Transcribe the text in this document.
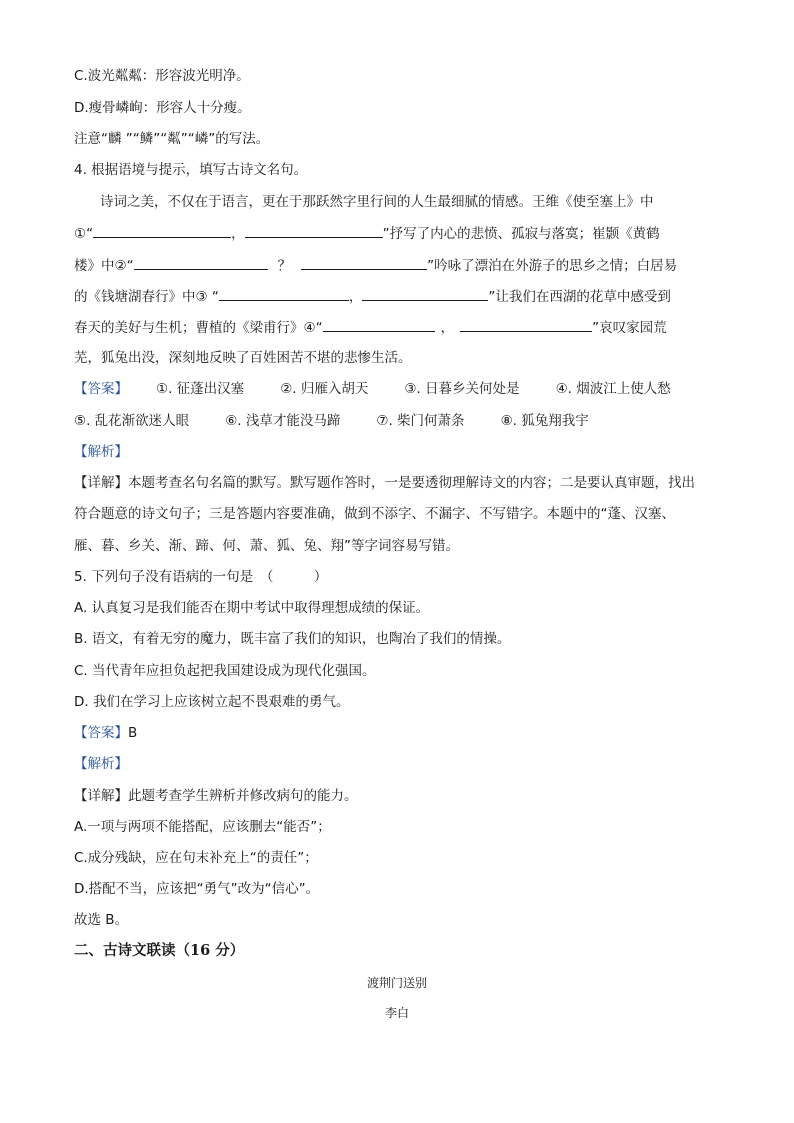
C.波光粼粼：形容波光明净。
D.瘦骨嶙峋：形容人十分瘦。
注意“麟 ”“鳞”“粼”“嶙”的写法。
4. 根据语境与提示，填写古诗文名句。
诗词之美，不仅在于语言，更在于那跃然字里行间的人生最细腻的情感。王维《使至塞上》中
①“	，	”抒写了内心的悲愤、孤寂与落寞；崔颢《黄鹤
楼》中②“	？	”吟咏了漂泊在外游子的思乡之情；白居易
的《钱塘湖春行》中③ “	，	”让我们在西湖的花草中感受到
春天的美好与生机；曹植的《梁甫行》④“	，	”哀叹家园荒
芜，狐兔出没，深刻地反映了百姓困苦不堪的悲惨生活。
【答案】 ①. 征蓬出汉塞	②. 归雁入胡天	③. 日暮乡关何处是	④. 烟波江上使人愁
⑤. 乱花渐欲迷人眼	⑥. 浅草才能没马蹄	⑦. 柴门何萧条	⑧. 狐兔翔我宇
【解析】
【详解】本题考查名句名篇的默写。默写题作答时，一是要透彻理解诗文的内容；二是要认真审题，找出
符合题意的诗文句子；三是答题内容要准确，做到不添字、不漏字、不写错字。本题中的“蓬、汉塞、
雁、暮、乡关、渐、蹄、何、萧、狐、兔、翔”等字词容易写错。
5. 下列句子没有语病的一句是　（　　　）
A. 认真复习是我们能否在期中考试中取得理想成绩的保证。
B. 语文，有着无穷的魔力，既丰富了我们的知识，也陶冶了我们的情操。
C. 当代青年应担负起把我国建设成为现代化强国。
D. 我们在学习上应该树立起不畏艰难的勇气。
【答案】B
【解析】
【详解】此题考查学生辨析并修改病句的能力。
A.一项与两项不能搭配，应该删去“能否”；
C.成分残缺，应在句末补充上“的责任”；
D.搭配不当，应该把“勇气”改为“信心”。
故选 B。
二、古诗文联读（16 分）
渡荆门送别
李白
